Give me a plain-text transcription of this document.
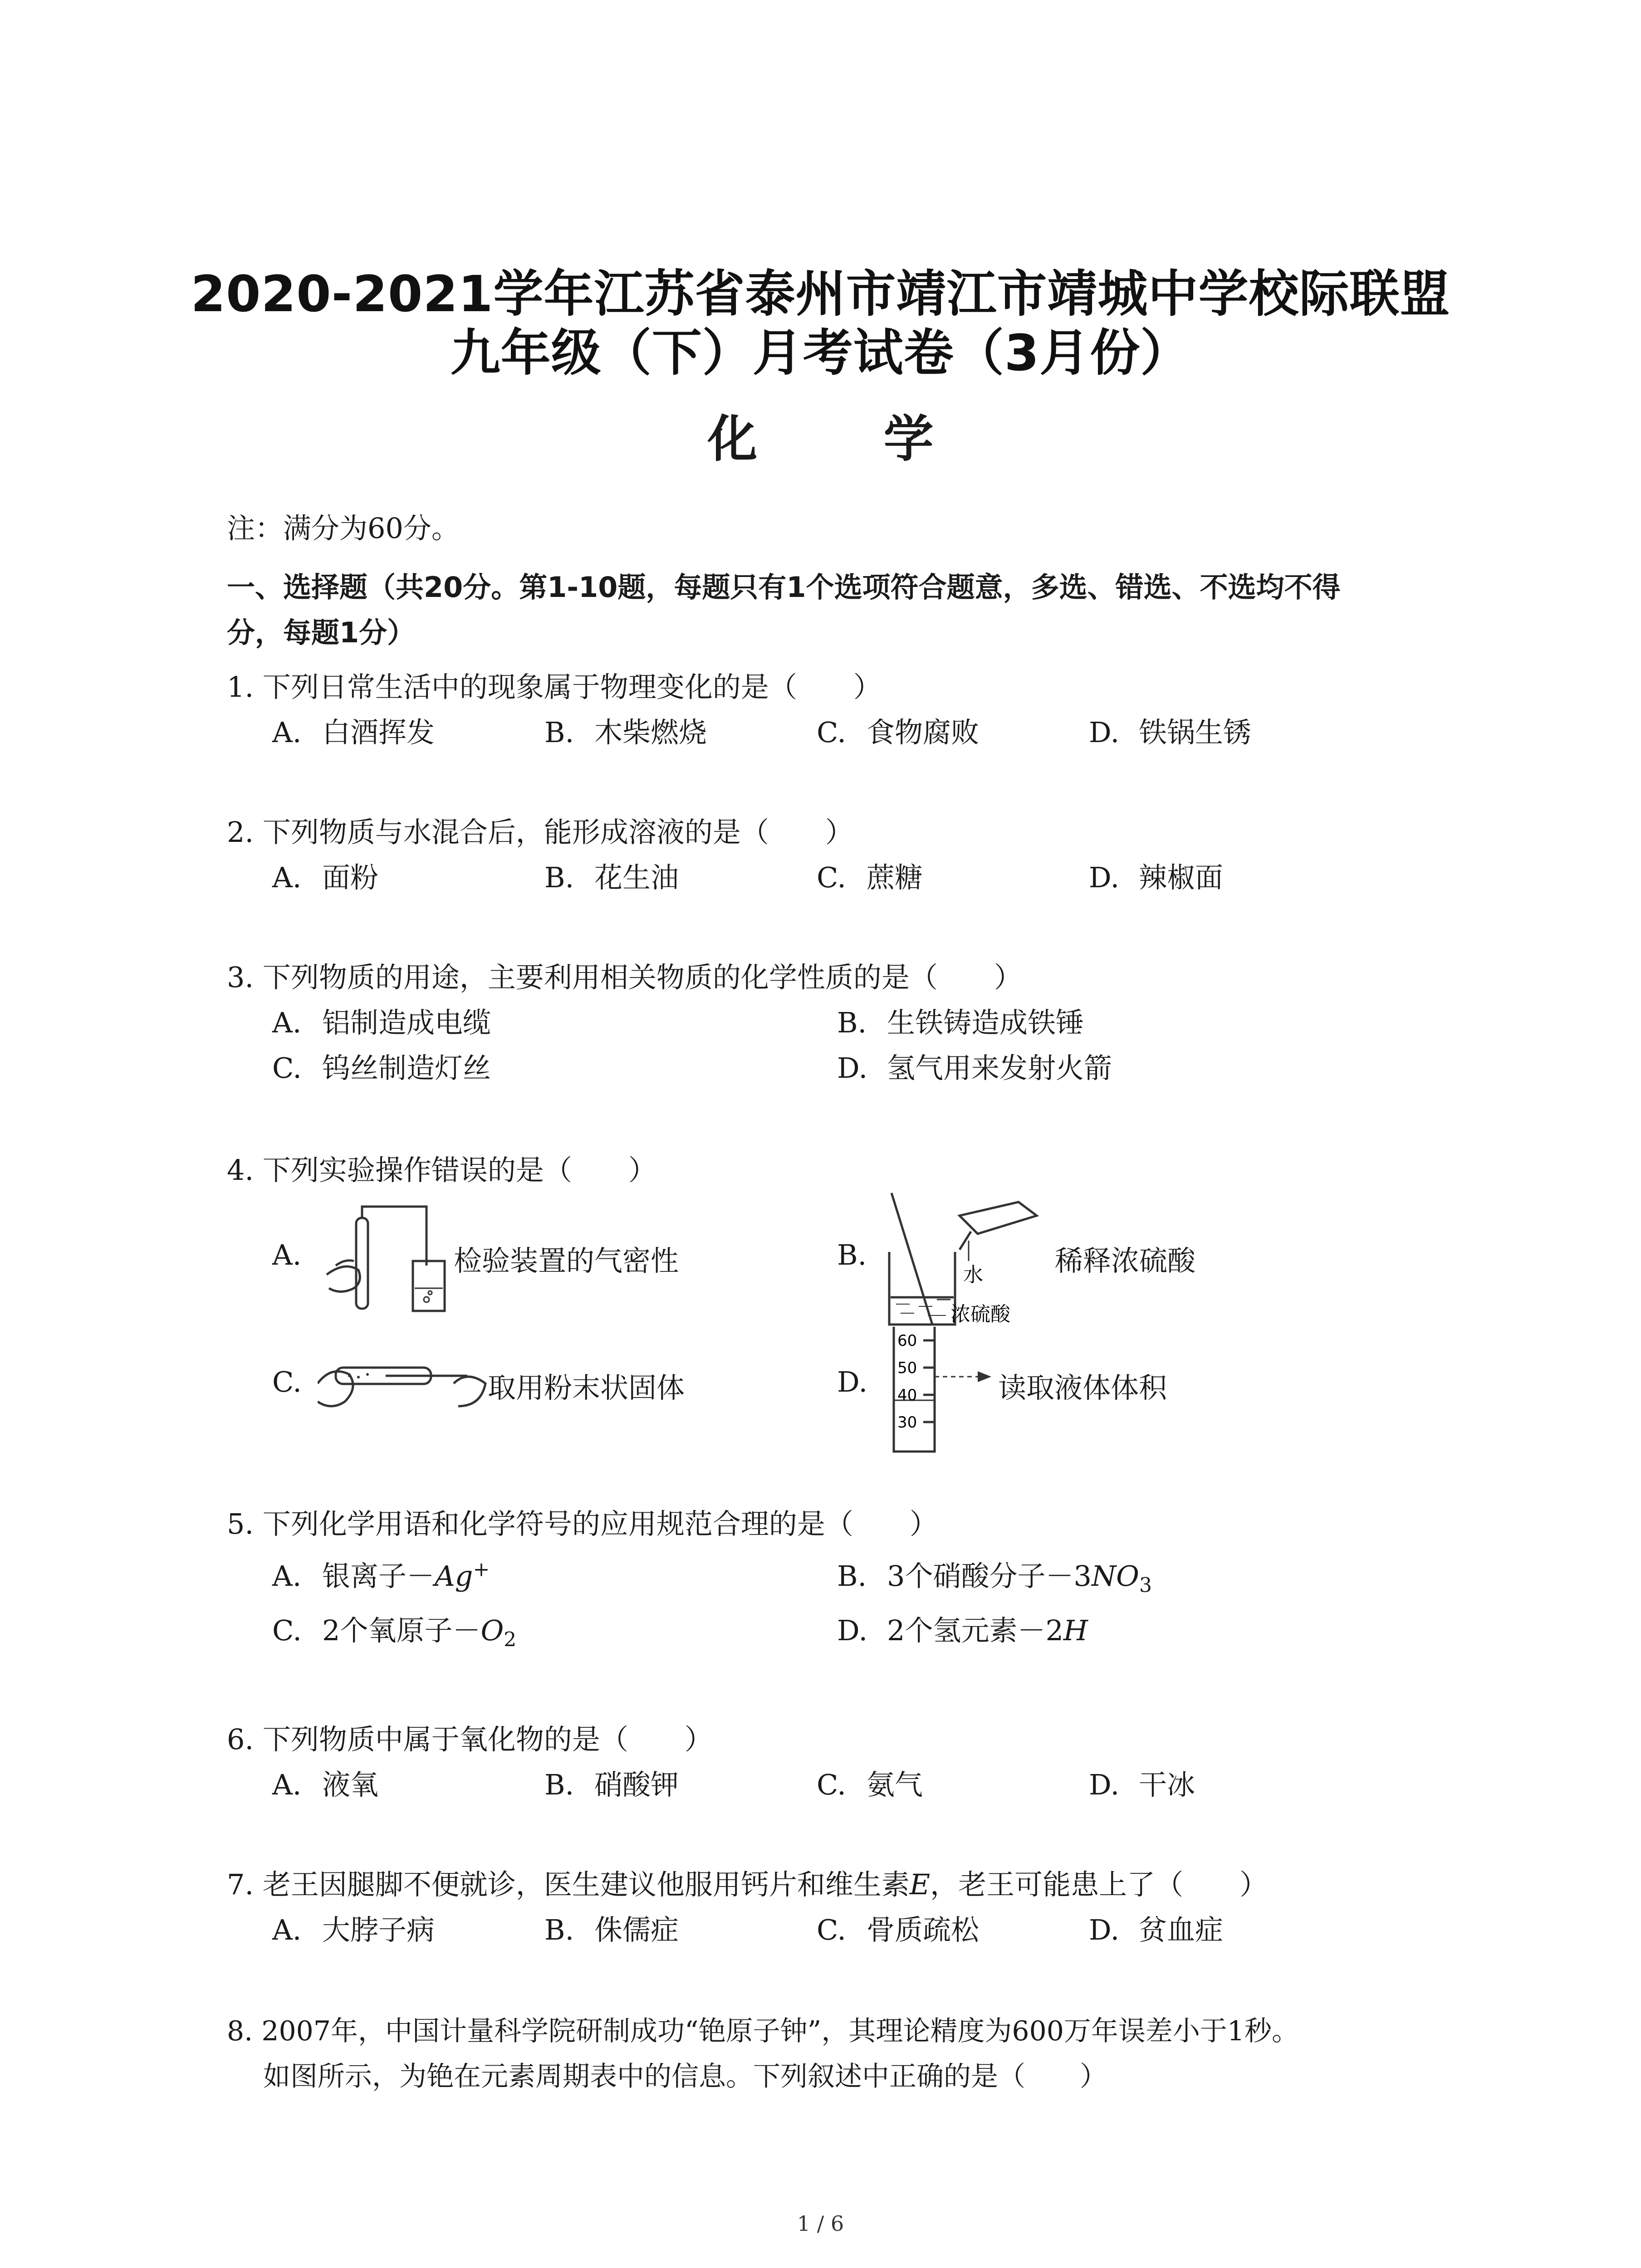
2020-2021学年江苏省泰州市靖江市靖城中学校际联盟
九年级（下）月考试卷（3月份）
化 学
注：满分为60分。
一、选择题（共20分。第1-10题，每题只有1个选项符合题意，多选、错选、不选均不得
分，每题1分）
1. 下列日常生活中的现象属于物理变化的是（　　）
A. 白酒挥发	B. 木柴燃烧	C. 食物腐败	D. 铁锅生锈
2. 下列物质与水混合后，能形成溶液的是（　　）
A. 面粉	B. 花生油	C. 蔗糖	D. 辣椒面
3. 下列物质的用途，主要利用相关物质的化学性质的是（　　）
A. 铝制造成电缆	B. 生铁铸造成铁锤
C. 钨丝制造灯丝	D. 氢气用来发射火箭
4. 下列实验操作错误的是（　　）
A.	检验装置的气密性	B.
水
浓硫酸
稀释浓硫酸
C.	取用粉末状固体	D.
60
50
40
30
读取液体体积
5. 下列化学用语和化学符号的应用规范合理的是（　　）
A. 银离子－Ag+	B. 3个硝酸分子$-3NO_3$
C. 2个氧原子$-O_2$	D. 2个氢元素－2H
6. 下列物质中属于氧化物的是（　　）
A. 液氧	B. 硝酸钾	C. 氨气	D. 干冰
7. 老王因腿脚不便就诊，医生建议他服用钙片和维生素E，老王可能患上了（　　）
A. 大脖子病	B. 侏儒症	C. 骨质疏松	D. 贫血症
8. 2007年，中国计量科学院研制成功“铯原子钟”，其理论精度为600万年误差小于1秒。
如图所示，为铯在元素周期表中的信息。下列叙述中正确的是（　　）
1 / 6
